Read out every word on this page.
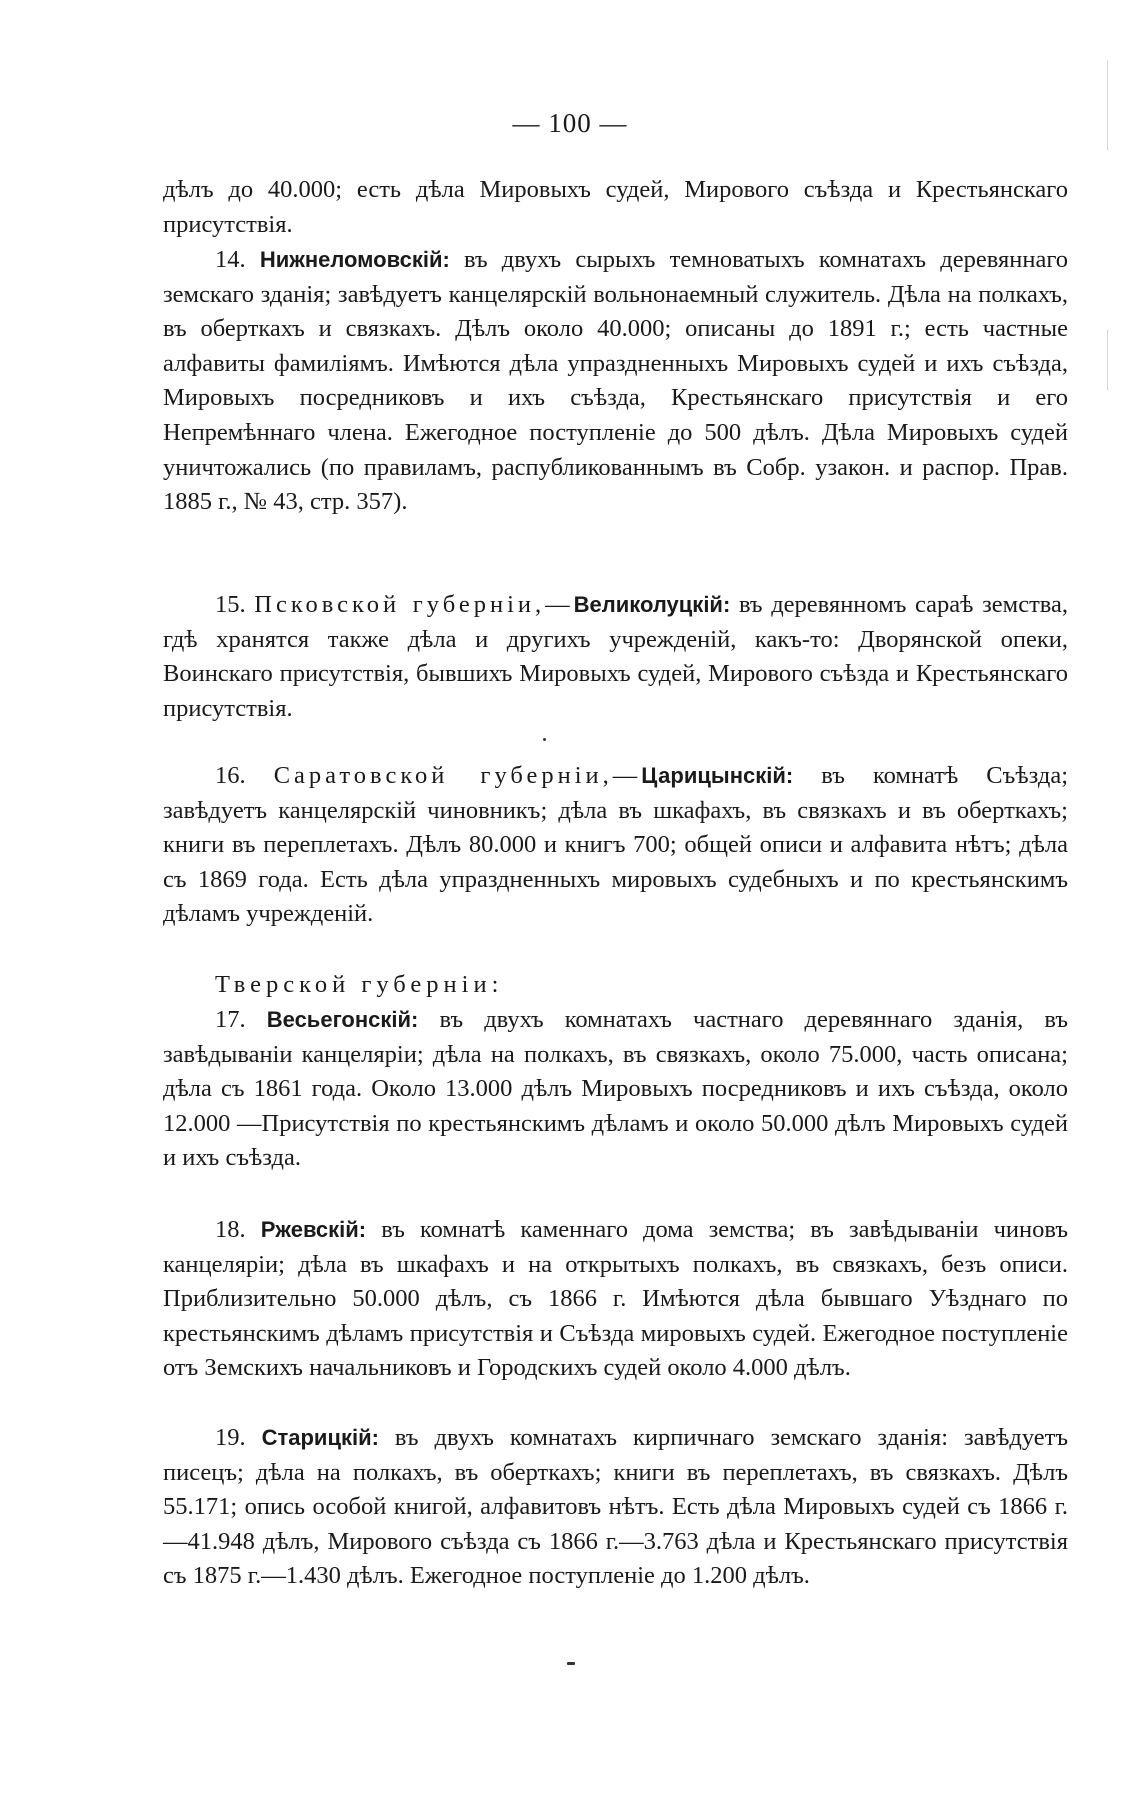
— 100 —

дѣлъ до 40.000; есть дѣла Мировыхъ судей, Мирового съѣзда и Крестьянскаго присутствія.

14. Нижнеломовскій: въ двухъ сырыхъ темноватыхъ комнатахъ деревяннаго земскаго зданія; завѣдуетъ канцелярскій вольнонаемный служитель. Дѣла на полкахъ, въ оберткахъ и связкахъ. Дѣлъ около 40.000; описаны до 1891 г.; есть частные алфавиты фамиліямъ. Имѣются дѣла упраздненныхъ Мировыхъ судей и ихъ съѣзда, Мировыхъ посредниковъ и ихъ съѣзда, Крестьянскаго присутствія и его Непремѣннаго члена. Ежегодное поступленіе до 500 дѣлъ. Дѣла Мировыхъ судей уничтожались (по правиламъ, распубликованнымъ въ Собр. узакон. и распор. Прав. 1885 г., № 43, стр. 357).

15. Псковской губерніи,—Великолуцкій: въ деревянномъ сараѣ земства, гдѣ хранятся также дѣла и другихъ учрежденій, какъ-то: Дворянской опеки, Воинскаго присутствія, бывшихъ Мировыхъ судей, Мирового съѣзда и Крестьянскаго присутствія.

16. Саратовской губерніи,—Царицынскій: въ комнатѣ Съѣзда; завѣдуетъ канцелярскій чиновникъ; дѣла въ шкафахъ, въ связкахъ и въ оберткахъ; книги въ переплетахъ. Дѣлъ 80.000 и книгъ 700; общей описи и алфавита нѣтъ; дѣла съ 1869 года. Есть дѣла упраздненныхъ мировыхъ судебныхъ и по крестьянскимъ дѣламъ учрежденій.

Тверской губерніи:

17. Весьегонскій: въ двухъ комнатахъ частнаго деревяннаго зданія, въ завѣдываніи канцеляріи; дѣла на полкахъ, въ связкахъ, около 75.000, часть описана; дѣла съ 1861 года. Около 13.000 дѣлъ Мировыхъ посредниковъ и ихъ съѣзда, около 12.000 —Присутствія по крестьянскимъ дѣламъ и около 50.000 дѣлъ Мировыхъ судей и ихъ съѣзда.

18. Ржевскій: въ комнатѣ каменнаго дома земства; въ завѣдываніи чиновъ канцеляріи; дѣла въ шкафахъ и на открытыхъ полкахъ, въ связкахъ, безъ описи. Приблизительно 50.000 дѣлъ, съ 1866 г. Имѣются дѣла бывшаго Уѣзднаго по крестьянскимъ дѣламъ присутствія и Съѣзда мировыхъ судей. Ежегодное поступленіе отъ Земскихъ начальниковъ и Городскихъ судей около 4.000 дѣлъ.

19. Старицкій: въ двухъ комнатахъ кирпичнаго земскаго зданія: завѣдуетъ писецъ; дѣла на полкахъ, въ оберткахъ; книги въ переплетахъ, въ связкахъ. Дѣлъ 55.171; опись особой книгой, алфавитовъ нѣтъ. Есть дѣла Мировыхъ судей съ 1866 г.—41.948 дѣлъ, Мирового съѣзда съ 1866 г.—3.763 дѣла и Крестьянскаго присутствія съ 1875 г.—1.430 дѣлъ. Ежегодное поступленіе до 1.200 дѣлъ.
